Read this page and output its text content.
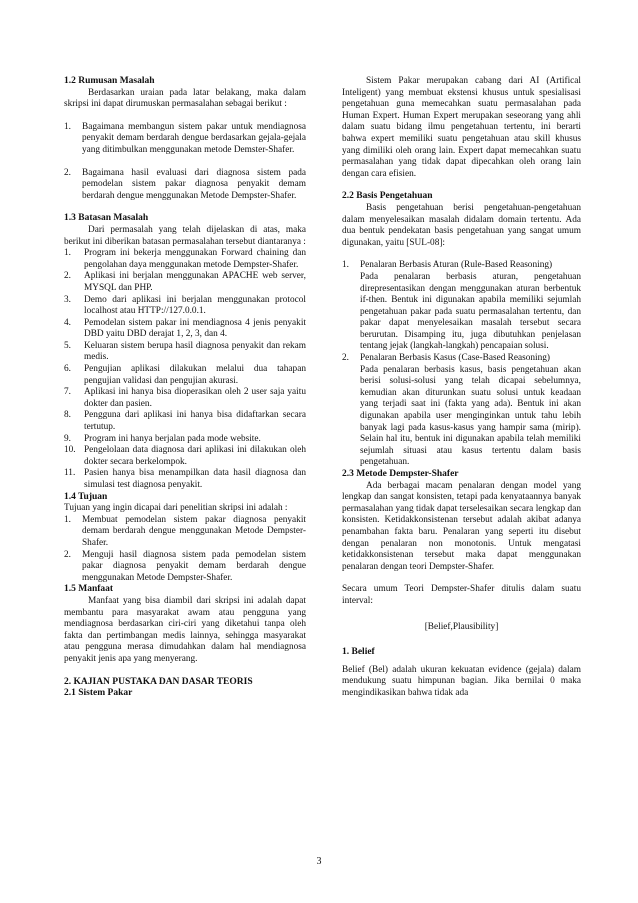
1.2 Rumusan Masalah

Berdasarkan uraian pada latar belakang, maka dalam skripsi ini dapat dirumuskan permasalahan sebagai berikut :

1.	Bagaimana membangun sistem pakar untuk mendiagnosa penyakit demam berdarah dengue berdasarkan gejala-gejala yang ditimbulkan menggunakan metode Demster-Shafer.
2.	Bagaimana hasil evaluasi dari diagnosa sistem pada pemodelan sistem pakar diagnosa penyakit demam berdarah dengue menggunakan Metode Dempster-Shafer.
1.3 Batasan Masalah

Dari permasalah yang telah dijelaskan di atas, maka berikut ini diberikan batasan permasalahan tersebut diantaranya :

1.	Program ini bekerja menggunakan Forward chaining dan pengolahan daya menggunakan metode Dempster-Shafer.
2.	Aplikasi ini berjalan menggunakan APACHE web server, MYSQL dan PHP.
3.	Demo dari aplikasi ini berjalan menggunakan protocol localhost atau HTTP://127.0.0.1.
4.	Pemodelan sistem pakar ini mendiagnosa 4 jenis penyakit DBD yaitu DBD derajat 1, 2, 3, dan 4.
5.	Keluaran sistem berupa hasil diagnosa penyakit dan rekam medis.
6.	Pengujian aplikasi dilakukan melalui dua tahapan pengujian validasi dan pengujian akurasi.
7.	Aplikasi ini hanya bisa dioperasikan oleh 2 user saja yaitu dokter dan pasien.
8.	Pengguna dari aplikasi ini hanya bisa didaftarkan secara tertutup.
9.	Program ini hanya berjalan pada mode website.
10. Pengelolaan data diagnosa dari aplikasi ini dilakukan oleh dokter secara berkelompok.
11. Pasien hanya bisa menampilkan data hasil diagnosa dan simulasi test diagnosa penyakit.
1.4 Tujuan

Tujuan yang ingin dicapai dari penelitian skripsi ini adalah :

1.	Membuat pemodelan sistem pakar diagnosa penyakit demam berdarah dengue menggunakan Metode Dempster-Shafer.
2.	Menguji hasil diagnosa sistem pada pemodelan sistem pakar diagnosa penyakit demam berdarah dengue menggunakan Metode Dempster-Shafer.
1.5 Manfaat

Manfaat yang bisa diambil dari skripsi ini adalah dapat membantu para masyarakat awam atau pengguna yang mendiagnosa berdasarkan ciri-ciri yang diketahui tanpa oleh fakta dan pertimbangan medis lainnya, sehingga masyarakat atau pengguna merasa dimudahkan dalam hal mendiagnosa penyakit jenis apa yang menyerang.

2. KAJIAN PUSTAKA DAN DASAR TEORIS
2.1 Sistem Pakar

Sistem Pakar merupakan cabang dari AI (Artifical Inteligent) yang membuat ekstensi khusus untuk spesialisasi pengetahuan guna memecahkan suatu permasalahan pada Human Expert. Human Expert merupakan seseorang yang ahli dalam suatu bidang ilmu pengetahuan tertentu, ini berarti bahwa expert memiliki suatu pengetahuan atau skill khusus yang dimiliki oleh orang lain. Expert dapat memecahkan suatu permasalahan yang tidak dapat dipecahkan oleh orang lain dengan cara efisien.

2.2 Basis Pengetahuan

Basis pengetahuan berisi pengetahuan-pengetahuan dalam menyelesaikan masalah didalam domain tertentu. Ada dua bentuk pendekatan basis pengetahuan yang sangat umum digunakan, yaitu [SUL-08]:

1.	Penalaran Berbasis Aturan (Rule-Based Reasoning)
Pada penalaran berbasis aturan, pengetahuan direpresentasikan dengan menggunakan aturan berbentuk if-then. Bentuk ini digunakan apabila memiliki sejumlah pengetahuan pakar pada suatu permasalahan tertentu, dan pakar dapat menyelesaikan masalah tersebut secara berurutan. Disamping itu, juga dibutuhkan penjelasan tentang jejak (langkah-langkah) pencapaian solusi.
2.	Penalaran Berbasis Kasus (Case-Based Reasoning)
Pada penalaran berbasis kasus, basis pengetahuan akan berisi solusi-solusi yang telah dicapai sebelumnya, kemudian akan diturunkan suatu solusi untuk keadaan yang terjadi saat ini (fakta yang ada). Bentuk ini akan digunakan apabila user menginginkan untuk tahu lebih banyak lagi pada kasus-kasus yang hampir sama (mirip). Selain hal itu, bentuk ini digunakan apabila telah memiliki sejumlah situasi atau kasus tertentu dalam basis pengetahuan.
2.3 Metode Dempster-Shafer

Ada berbagai macam penalaran dengan model yang lengkap dan sangat konsisten, tetapi pada kenyataannya banyak permasalahan yang tidak dapat terselesaikan secara lengkap dan konsisten. Ketidakkonsistenan tersebut adalah akibat adanya penambahan fakta baru. Penalaran yang seperti itu disebut dengan penalaran non monotonis. Untuk mengatasi ketidakkonsistenan tersebut maka dapat menggunakan penalaran dengan teori Dempster-Shafer.

Secara umum Teori Dempster-Shafer ditulis dalam suatu interval:

[Belief,Plausibility]

1. Belief

Belief (Bel) adalah ukuran kekuatan evidence (gejala) dalam mendukung suatu himpunan bagian. Jika bernilai 0 maka mengindikasikan bahwa tidak ada

3
